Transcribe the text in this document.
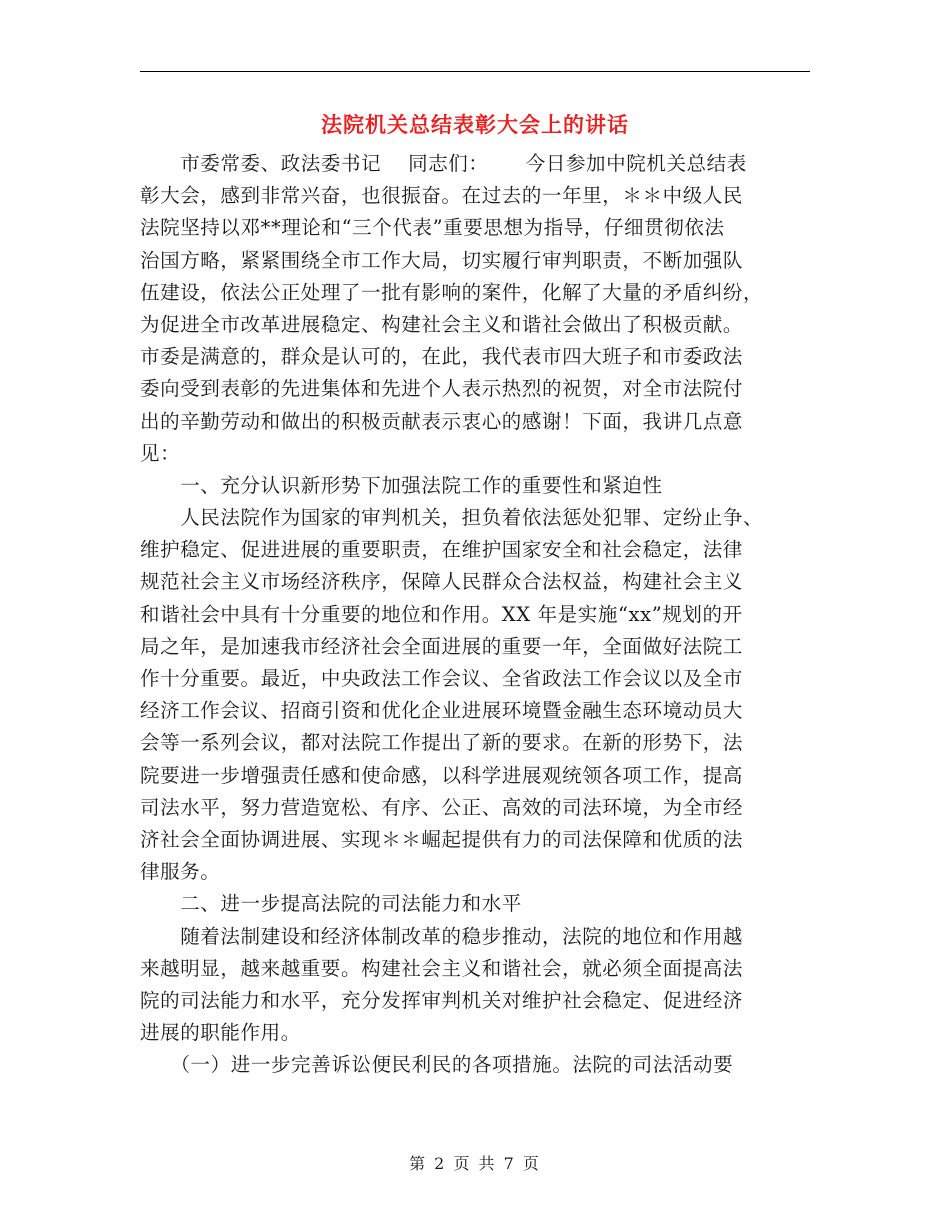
法院机关总结表彰大会上的讲话
　　市委常委、政法委书记　 同志们：　　 今日参加中院机关总结表
彰大会，感到非常兴奋，也很振奋。在过去的一年里，＊＊中级人民
法院坚持以邓**理论和“三个代表”重要思想为指导，仔细贯彻依法
治国方略，紧紧围绕全市工作大局，切实履行审判职责，不断加强队
伍建设，依法公正处理了一批有影响的案件，化解了大量的矛盾纠纷，
为促进全市改革进展稳定、构建社会主义和谐社会做出了积极贡献。
市委是满意的，群众是认可的，在此，我代表市四大班子和市委政法
委向受到表彰的先进集体和先进个人表示热烈的祝贺，对全市法院付
出的辛勤劳动和做出的积极贡献表示衷心的感谢！下面，我讲几点意
见：
　　一、充分认识新形势下加强法院工作的重要性和紧迫性
　　人民法院作为国家的审判机关，担负着依法惩处犯罪、定纷止争、
维护稳定、促进进展的重要职责，在维护国家安全和社会稳定，法律
规范社会主义市场经济秩序，保障人民群众合法权益，构建社会主义
和谐社会中具有十分重要的地位和作用。XX 年是实施“xx”规划的开
局之年，是加速我市经济社会全面进展的重要一年，全面做好法院工
作十分重要。最近，中央政法工作会议、全省政法工作会议以及全市
经济工作会议、招商引资和优化企业进展环境暨金融生态环境动员大
会等一系列会议，都对法院工作提出了新的要求。在新的形势下，法
院要进一步增强责任感和使命感，以科学进展观统领各项工作，提高
司法水平，努力营造宽松、有序、公正、高效的司法环境，为全市经
济社会全面协调进展、实现＊＊崛起提供有力的司法保障和优质的法
律服务。
　　二、进一步提高法院的司法能力和水平
　　随着法制建设和经济体制改革的稳步推动，法院的地位和作用越
来越明显，越来越重要。构建社会主义和谐社会，就必须全面提高法
院的司法能力和水平，充分发挥审判机关对维护社会稳定、促进经济
进展的职能作用。
　　（一）进一步完善诉讼便民利民的各项措施。法院的司法活动要
第 2 页 共 7 页
